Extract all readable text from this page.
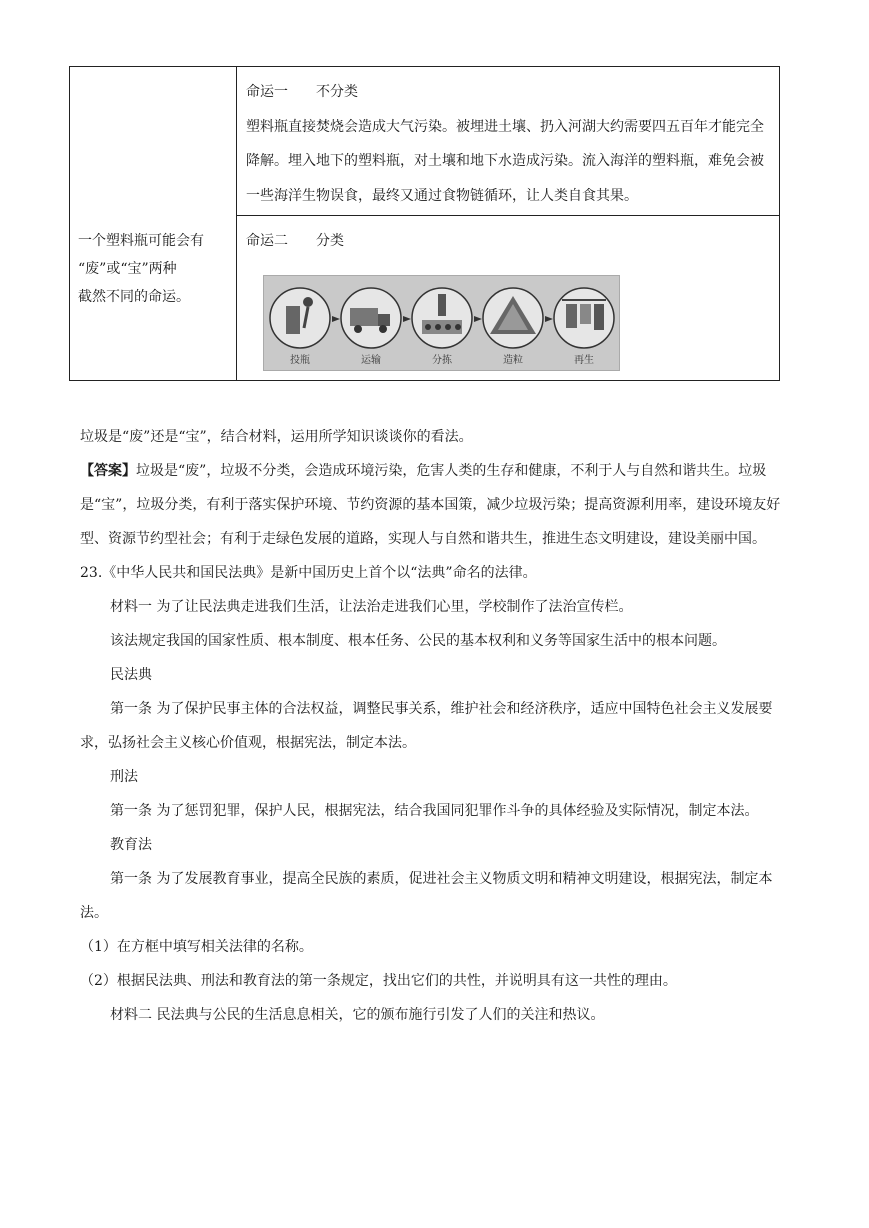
一个塑料瓶可能会有
“废”或“宝”两种
截然不同的命运。
命运一 不分类
塑料瓶直接焚烧会造成大气污染。被埋进土壤、扔入河湖大约需要四五百年才能完全降解。埋入地下的塑料瓶，对土壤和地下水造成污染。流入海洋的塑料瓶，难免会被一些海洋生物误食，最终又通过食物链循环，让人类自食其果。
命运二 分类
投瓶	运输	分拣	造粒	再生

垃圾是“废”还是“宝”，结合材料，运用所学知识谈谈你的看法。

【答案】垃圾是“废”，垃圾不分类，会造成环境污染，危害人类的生存和健康，不利于人与自然和谐共生。垃圾是“宝”，垃圾分类，有利于落实保护环境、节约资源的基本国策，减少垃圾污染；提高资源利用率，建设环境友好型、资源节约型社会；有利于走绿色发展的道路，实现人与自然和谐共生，推进生态文明建设，建设美丽中国。

23.《中华人民共和国民法典》是新中国历史上首个以“法典”命名的法律。

材料一 为了让民法典走进我们生活，让法治走进我们心里，学校制作了法治宣传栏。

该法规定我国的国家性质、根本制度、根本任务、公民的基本权利和义务等国家生活中的根本问题。

民法典

第一条 为了保护民事主体的合法权益，调整民事关系，维护社会和经济秩序，适应中国特色社会主义发展要求，弘扬社会主义核心价值观，根据宪法，制定本法。

刑法

第一条 为了惩罚犯罪，保护人民，根据宪法，结合我国同犯罪作斗争的具体经验及实际情况，制定本法。

教育法

第一条 为了发展教育事业，提高全民族的素质，促进社会主义物质文明和精神文明建设，根据宪法，制定本法。

（1）在方框中填写相关法律的名称。

（2）根据民法典、刑法和教育法的第一条规定，找出它们的共性，并说明具有这一共性的理由。

材料二 民法典与公民的生活息息相关，它的颁布施行引发了人们的关注和热议。
